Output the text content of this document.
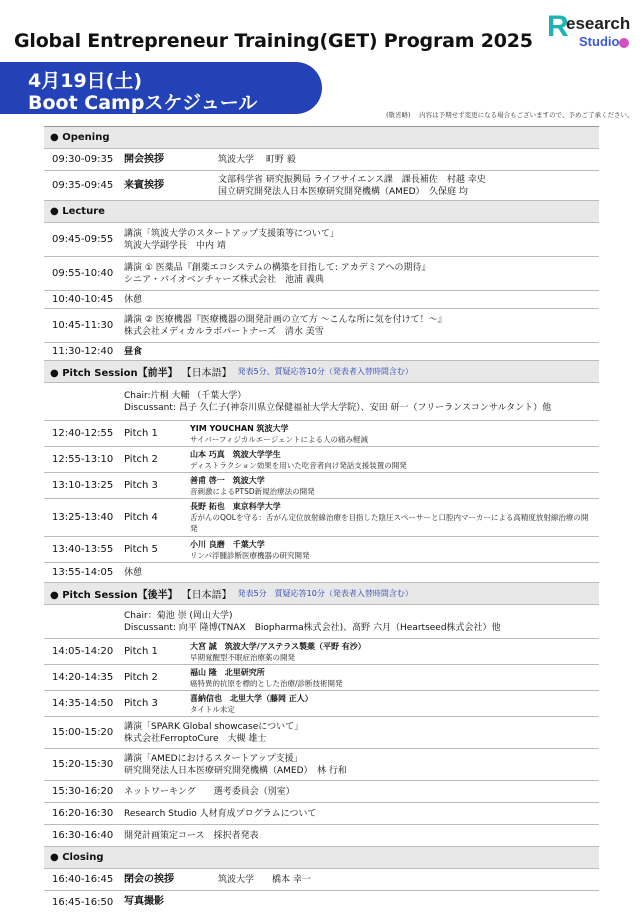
Global Entrepreneur Training(GET) Program 2025 R
esearch
Studio
4月19日(土)
Boot Campスケジュール
(敬省略)　 内容は予期せず変更になる場合もございますので、予めご了承ください。
● Opening
09:30-09:35 開会挨拶	筑波大学　 町野 毅
09:35-09:45 来賓挨拶	文部科学省 研究振興局 ライフサイエンス課　課長補佐　村越 幸史
国立研究開発法人日本医療研究開発機構（AMED）　久保庭 均
● Lecture
09:45-09:55
講演「筑波大学のスタートアップ支援策等について」
筑波大学副学長　中内 靖
09:55-10:40
講演 ① 医薬品『創薬エコシステムの構築を目指して: アカデミアへの期待』
シニア・バイオベンチャーズ株式会社　池浦 義典
10:40-10:45 休憩
10:45-11:30
講演 ② 医療機器『医療機器の開発計画の立て方 ～こんな所に気を付けて！～』
株式会社メディカルラボパートナーズ　清水 美雪
11:30-12:40 昼食
● Pitch Session【前半】 【日本語】 発表5分、質疑応答10分（発表者入替時間含む）
Chair:片桐 大輔 （千葉大学）
Discussant: 昌子 久仁子(神奈川県立保健福祉大学大学院）、安田 研一（フリーランスコンサルタント）他
12:40-12:55 Pitch 1	YIM YOUCHAN 筑波大学
サイバーフィジカルエージェントによる人の痛み軽減
12:55-13:10 Pitch 2	山本 巧真　筑波大学学生
ディストラクション効果を用いた吃音者向け発話支援装置の開発
13:10-13:25 Pitch 3	善甫 啓一　筑波大学
音刺激によるPTSD新規治療法の開発
13:25-13:40 Pitch 4
長野 拓也　東京科学大学
舌がんのQOLを守る：舌がん定位放射線治療を目指した陰圧スペーサーと口腔内マーカーによる高精度放射線治療の開発
13:40-13:55 Pitch 5	小川 良磨　千葉大学
リンパ浮腫診断医療機器の研究開発
13:55-14:05 休憩
● Pitch Session【後半】 【日本語】 発表5分　質疑応答10分（発表者入替時間含む）
Chair：菊池 崇 (岡山大学)
Discussant: 向平 隆博(TNAX　Biopharma株式会社)、髙野 六月（Heartseed株式会社）他
14:05-14:20 Pitch 1	大宮 誠　筑波大学/アステラス製薬（平野 有沙）
早期覚醒型不眠症治療薬の開発
14:20-14:35 Pitch 2	福山 隆　北里研究所
癌特異的抗原を標的とした治療/診断技術開発
14:35-14:50 Pitch 3	喜納信也　北里大学（藤岡 正人）
タイトル未定
15:00-15:20
講演「SPARK Global showcaseについて」
株式会社FerroptoCure　大槻 雄士
15:20-15:30
講演「AMEDにおけるスタートアップ支援」
研究開発法人日本医療研究開発機構（AMED）　林 行和
15:30-16:20 ネットワーキング　　選考委員会（別室）
16:20-16:30 Research Studio 人材育成プログラムについて
16:30-16:40 開発計画策定コース　採択者発表
● Closing
16:40-16:45 閉会の挨拶	筑波大学　　橋本 幸一
16:45-16:50 写真撮影
